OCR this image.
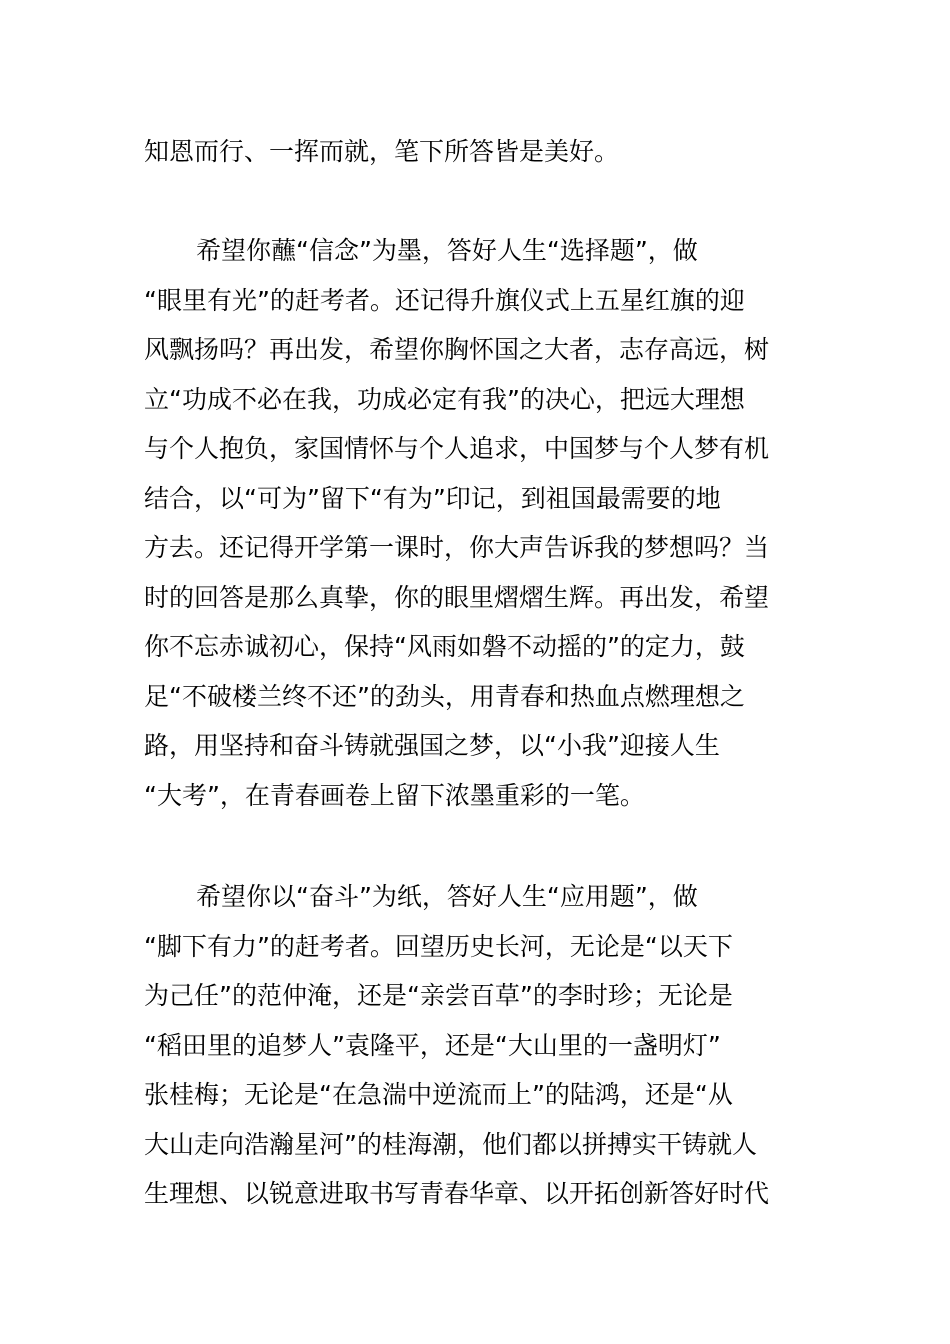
知恩而行、一挥而就，笔下所答皆是美好。
希望你蘸“信念”为墨，答好人生“选择题”，做
“眼里有光”的赶考者。还记得升旗仪式上五星红旗的迎
风飘扬吗？再出发，希望你胸怀国之大者，志存高远，树
立“功成不必在我，功成必定有我”的决心，把远大理想
与个人抱负，家国情怀与个人追求，中国梦与个人梦有机
结合，以“可为”留下“有为”印记，到祖国最需要的地
方去。还记得开学第一课时，你大声告诉我的梦想吗？当
时的回答是那么真挚，你的眼里熠熠生辉。再出发，希望
你不忘赤诚初心，保持“风雨如磐不动摇的”的定力，鼓
足“不破楼兰终不还”的劲头，用青春和热血点燃理想之
路，用坚持和奋斗铸就强国之梦，以“小我”迎接人生
“大考”，在青春画卷上留下浓墨重彩的一笔。
希望你以“奋斗”为纸，答好人生“应用题”，做
“脚下有力”的赶考者。回望历史长河，无论是“以天下
为己任”的范仲淹，还是“亲尝百草”的李时珍；无论是
“稻田里的追梦人”袁隆平，还是“大山里的一盏明灯”
张桂梅；无论是“在急湍中逆流而上”的陆鸿，还是“从
大山走向浩瀚星河”的桂海潮，他们都以拼搏实干铸就人
生理想、以锐意进取书写青春华章、以开拓创新答好时代
